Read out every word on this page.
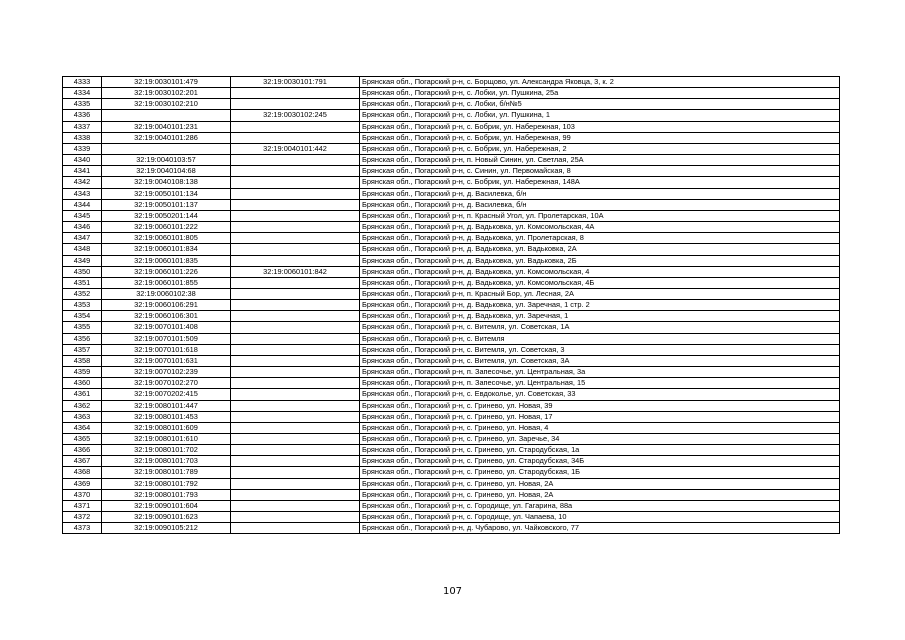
4333	32:19:0030101:479	32:19:0030101:791	Брянская обл., Погарский р-н, с. Борщово, ул. Александра Яковца, 3, к. 2
4334	32:19:0030102:201		Брянская обл., Погарский р-н, с. Лобки, ул. Пушкина, 25а
4335	32:19:0030102:210		Брянская обл., Погарский р-н, с. Лобки, б/н№5
4336		32:19:0030102:245	Брянская обл., Погарский р-н, с. Лобки, ул. Пушкина, 1
4337	32:19:0040101:231		Брянская обл., Погарский р-н, с. Бобрик, ул. Набережная, 103
4338	32:19:0040101:286		Брянская обл., Погарский р-н, с. Бобрик, ул. Набережная, 99
4339		32:19:0040101:442	Брянская обл., Погарский р-н, с. Бобрик, ул. Набережная, 2
4340	32:19:0040103:57		Брянская обл., Погарский р-н, п. Новый Синин, ул. Светлая, 25А
4341	32:19:0040104:68		Брянская обл., Погарский р-н, с. Синин, ул. Первомайская, 8
4342	32:19:0040108:138		Брянская обл., Погарский р-н, с. Бобрик, ул. Набережная, 148А
4343	32:19:0050101:134		Брянская обл., Погарский р-н, д. Василевка, б/н
4344	32:19:0050101:137		Брянская обл., Погарский р-н, д. Василевка, б/н
4345	32:19:0050201:144		Брянская обл., Погарский р-н, п. Красный Угол, ул. Пролетарская, 10А
4346	32:19:0060101:222		Брянская обл., Погарский р-н, д. Вадьковка, ул. Комсомольская, 4А
4347	32:19:0060101:805		Брянская обл., Погарский р-н, д. Вадьковка, ул. Пролетарская, 8
4348	32:19:0060101:834		Брянская обл., Погарский р-н, д. Вадьковка, ул. Вадьковка, 2А
4349	32:19:0060101:835		Брянская обл., Погарский р-н, д. Вадьковка, ул. Вадьковка, 2Б
4350	32:19:0060101:226	32:19:0060101:842	Брянская обл., Погарский р-н, д. Вадьковка, ул. Комсомольская, 4
4351	32:19:0060101:855		Брянская обл., Погарский р-н, д. Вадьковка, ул. Комсомольская, 4Б
4352	32:19:0060102:38		Брянская обл., Погарский р-н, п. Красный Бор, ул. Лесная, 2А
4353	32:19:0060106:291		Брянская обл., Погарский р-н, д. Вадьковка, ул. Заречная, 1 стр. 2
4354	32:19:0060106:301		Брянская обл., Погарский р-н, д. Вадьковка, ул. Заречная, 1
4355	32:19:0070101:408		Брянская обл., Погарский р-н, с. Витемля, ул. Советская, 1А
4356	32:19:0070101:509		Брянская обл., Погарский р-н, с. Витемля
4357	32:19:0070101:618		Брянская обл., Погарский р-н, с. Витемля, ул. Советская, 3
4358	32:19:0070101:631		Брянская обл., Погарский р-н, с. Витемля, ул. Советская, 3А
4359	32:19:0070102:239		Брянская обл., Погарский р-н, п. Запесочье, ул. Центральная, 3а
4360	32:19:0070102:270		Брянская обл., Погарский р-н, п. Запесочье, ул. Центральная, 15
4361	32:19:0070202:415		Брянская обл., Погарский р-н, с. Евдоколье, ул. Советская, 33
4362	32:19:0080101:447		Брянская обл., Погарский р-н, с. Гринево, ул. Новая, 39
4363	32:19:0080101:453		Брянская обл., Погарский р-н, с. Гринево, ул. Новая, 17
4364	32:19:0080101:609		Брянская обл., Погарский р-н, с. Гринево, ул. Новая, 4
4365	32:19:0080101:610		Брянская обл., Погарский р-н, с. Гринево, ул. Заречье, 34
4366	32:19:0080101:702		Брянская обл., Погарский р-н, с. Гринево, ул. Стародубская, 1а
4367	32:19:0080101:703		Брянская обл., Погарский р-н, с. Гринево, ул. Стародубская, 34Б
4368	32:19:0080101:789		Брянская обл., Погарский р-н, с. Гринево, ул. Стародубская, 1Б
4369	32:19:0080101:792		Брянская обл., Погарский р-н, с. Гринево, ул. Новая, 2А
4370	32:19:0080101:793		Брянская обл., Погарский р-н, с. Гринево, ул. Новая, 2А
4371	32:19:0090101:604		Брянская обл., Погарский р-н, с. Городище, ул. Гагарина, 88а
4372	32:19:0090101:623		Брянская обл., Погарский р-н, с. Городище, ул. Чапаева, 10
4373	32:19:0090105:212		Брянская обл., Погарский р-н, д. Чубарово, ул. Чайковского, 77
107
